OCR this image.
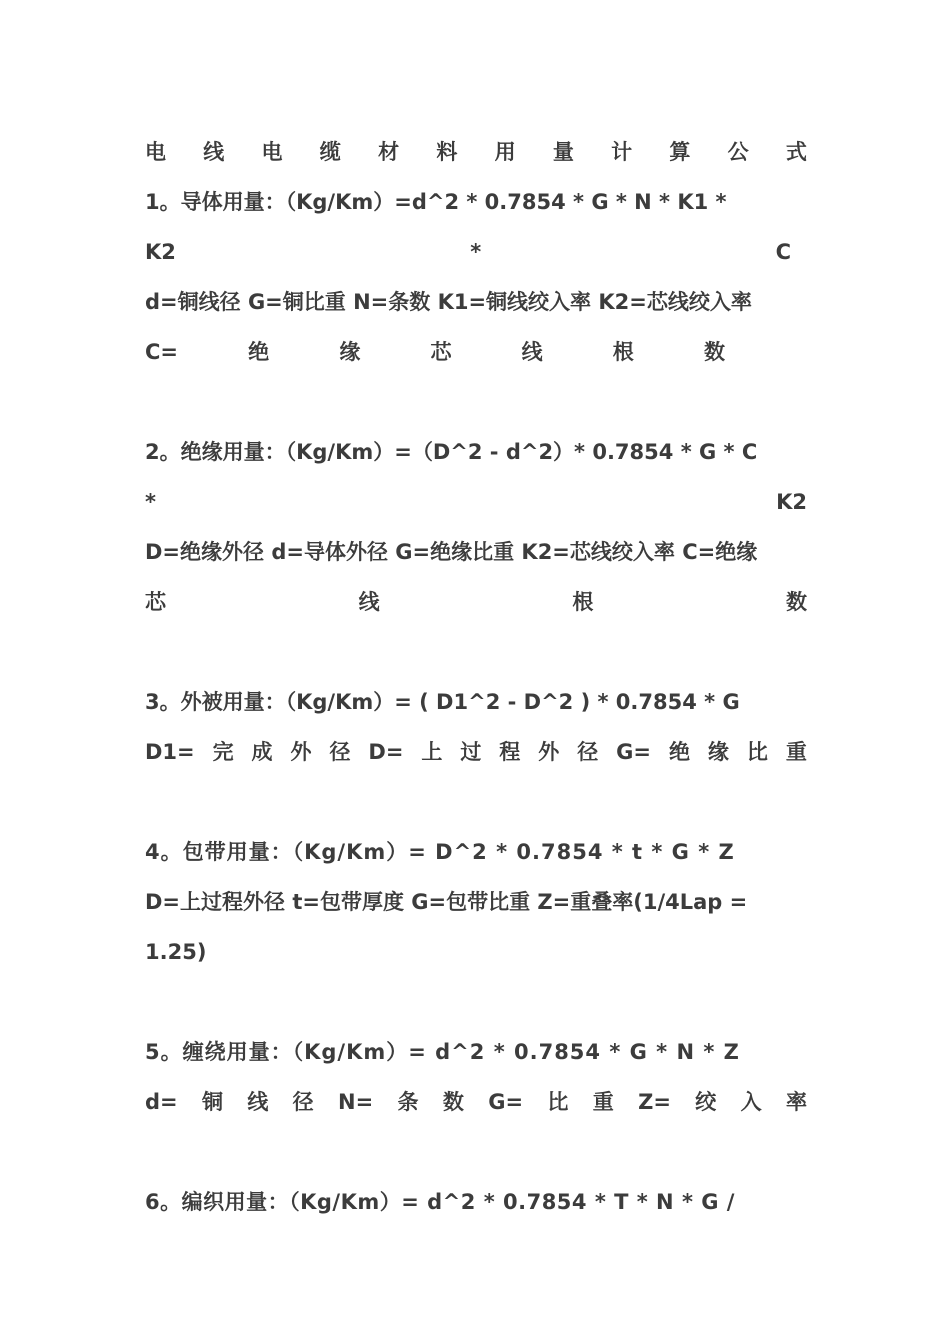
电 线 电 缆 材 料 用 量 计 算 公 式
1。导体用量：（Kg/Km）=d^2 * 0.7854 * G * N * K1 *
K2	*	C
d=铜线径 G=铜比重 N=条数 K1=铜线绞入率 K2=芯线绞入率
C=	绝	缘	芯	线	根	数
2。绝缘用量：（Kg/Km）=（D^2 - d^2）* 0.7854 * G * C
*	K2
D=绝缘外径 d=导体外径 G=绝缘比重 K2=芯线绞入率 C=绝缘
芯	线	根	数
3。外被用量：（Kg/Km）= ( D1^2 - D^2 ) * 0.7854 * G
D1= 完 成 外 径 D= 上 过 程 外 径 G= 绝 缘 比 重
4。包带用量：（Kg/Km）= D^2 * 0.7854 * t * G * Z
D=上过程外径 t=包带厚度 G=包带比重 Z=重叠率(1/4Lap =
1.25)
5。缠绕用量：（Kg/Km）= d^2 * 0.7854 * G * N * Z
d= 铜 线 径 N= 条 数 G= 比 重 Z= 绞 入 率
6。编织用量：（Kg/Km）= d^2 * 0.7854 * T * N * G /
